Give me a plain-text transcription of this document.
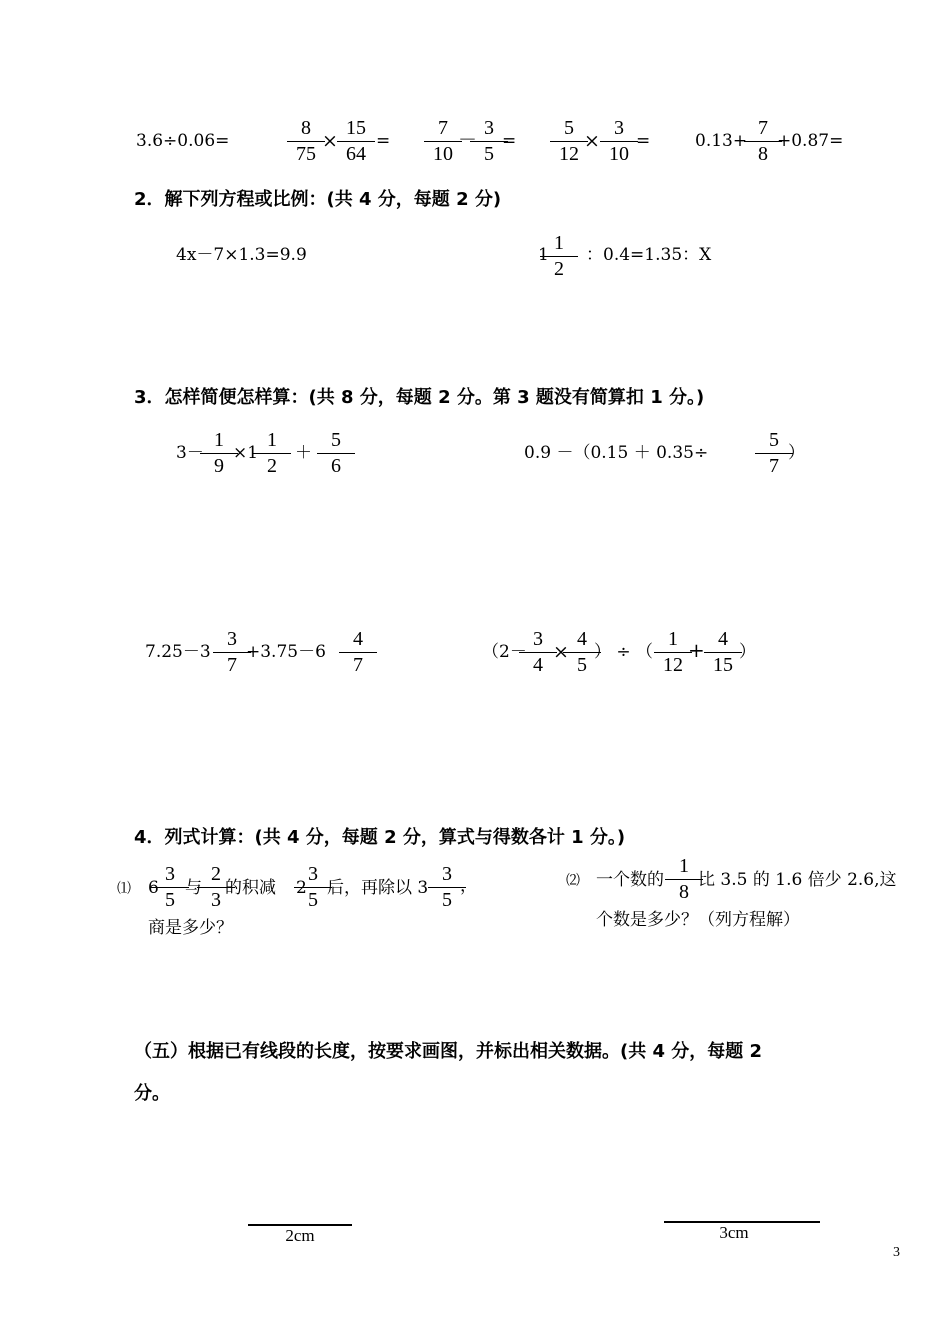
3.6÷0.06=
8
75
×
15
64
=
7
10
－
3
5
=
5
12
×
3
10
=	0.13+
7
8
+0.87=
2．解下列方程或比例：(共 4 分，每题 2 分)
4x－7×1.3=9.9	1
1
2
：0.4=1.35：X
3．怎样简便怎样算：(共 8 分，每题 2 分。第 3 题没有简算扣 1 分。)
3－
1
9
×1
1
2
＋
5
6
0.9 －（0.15 ＋ 0.35÷
5
7
）
7.25－3
3
7
+3.75－6
4
7
（2－
3
4
×
4
5
） ÷ （
1
12
+ 4
15
）
4．列式计算：(共 4 分，每题 2 分，算式与得数各计 1 分。)
⑴ 6
3
5
与
2
3
的积减 2
3
5
后，再除以 3
3
5
，
商是多少？
⑵ 一个数的
1
8
比 3.5 的 1.6 倍少 2.6,这
个数是多少？（列方程解）
（五）根据已有线段的长度，按要求画图，并标出相关数据。(共 4 分，每题 2
分。
2cm	3cm
3
